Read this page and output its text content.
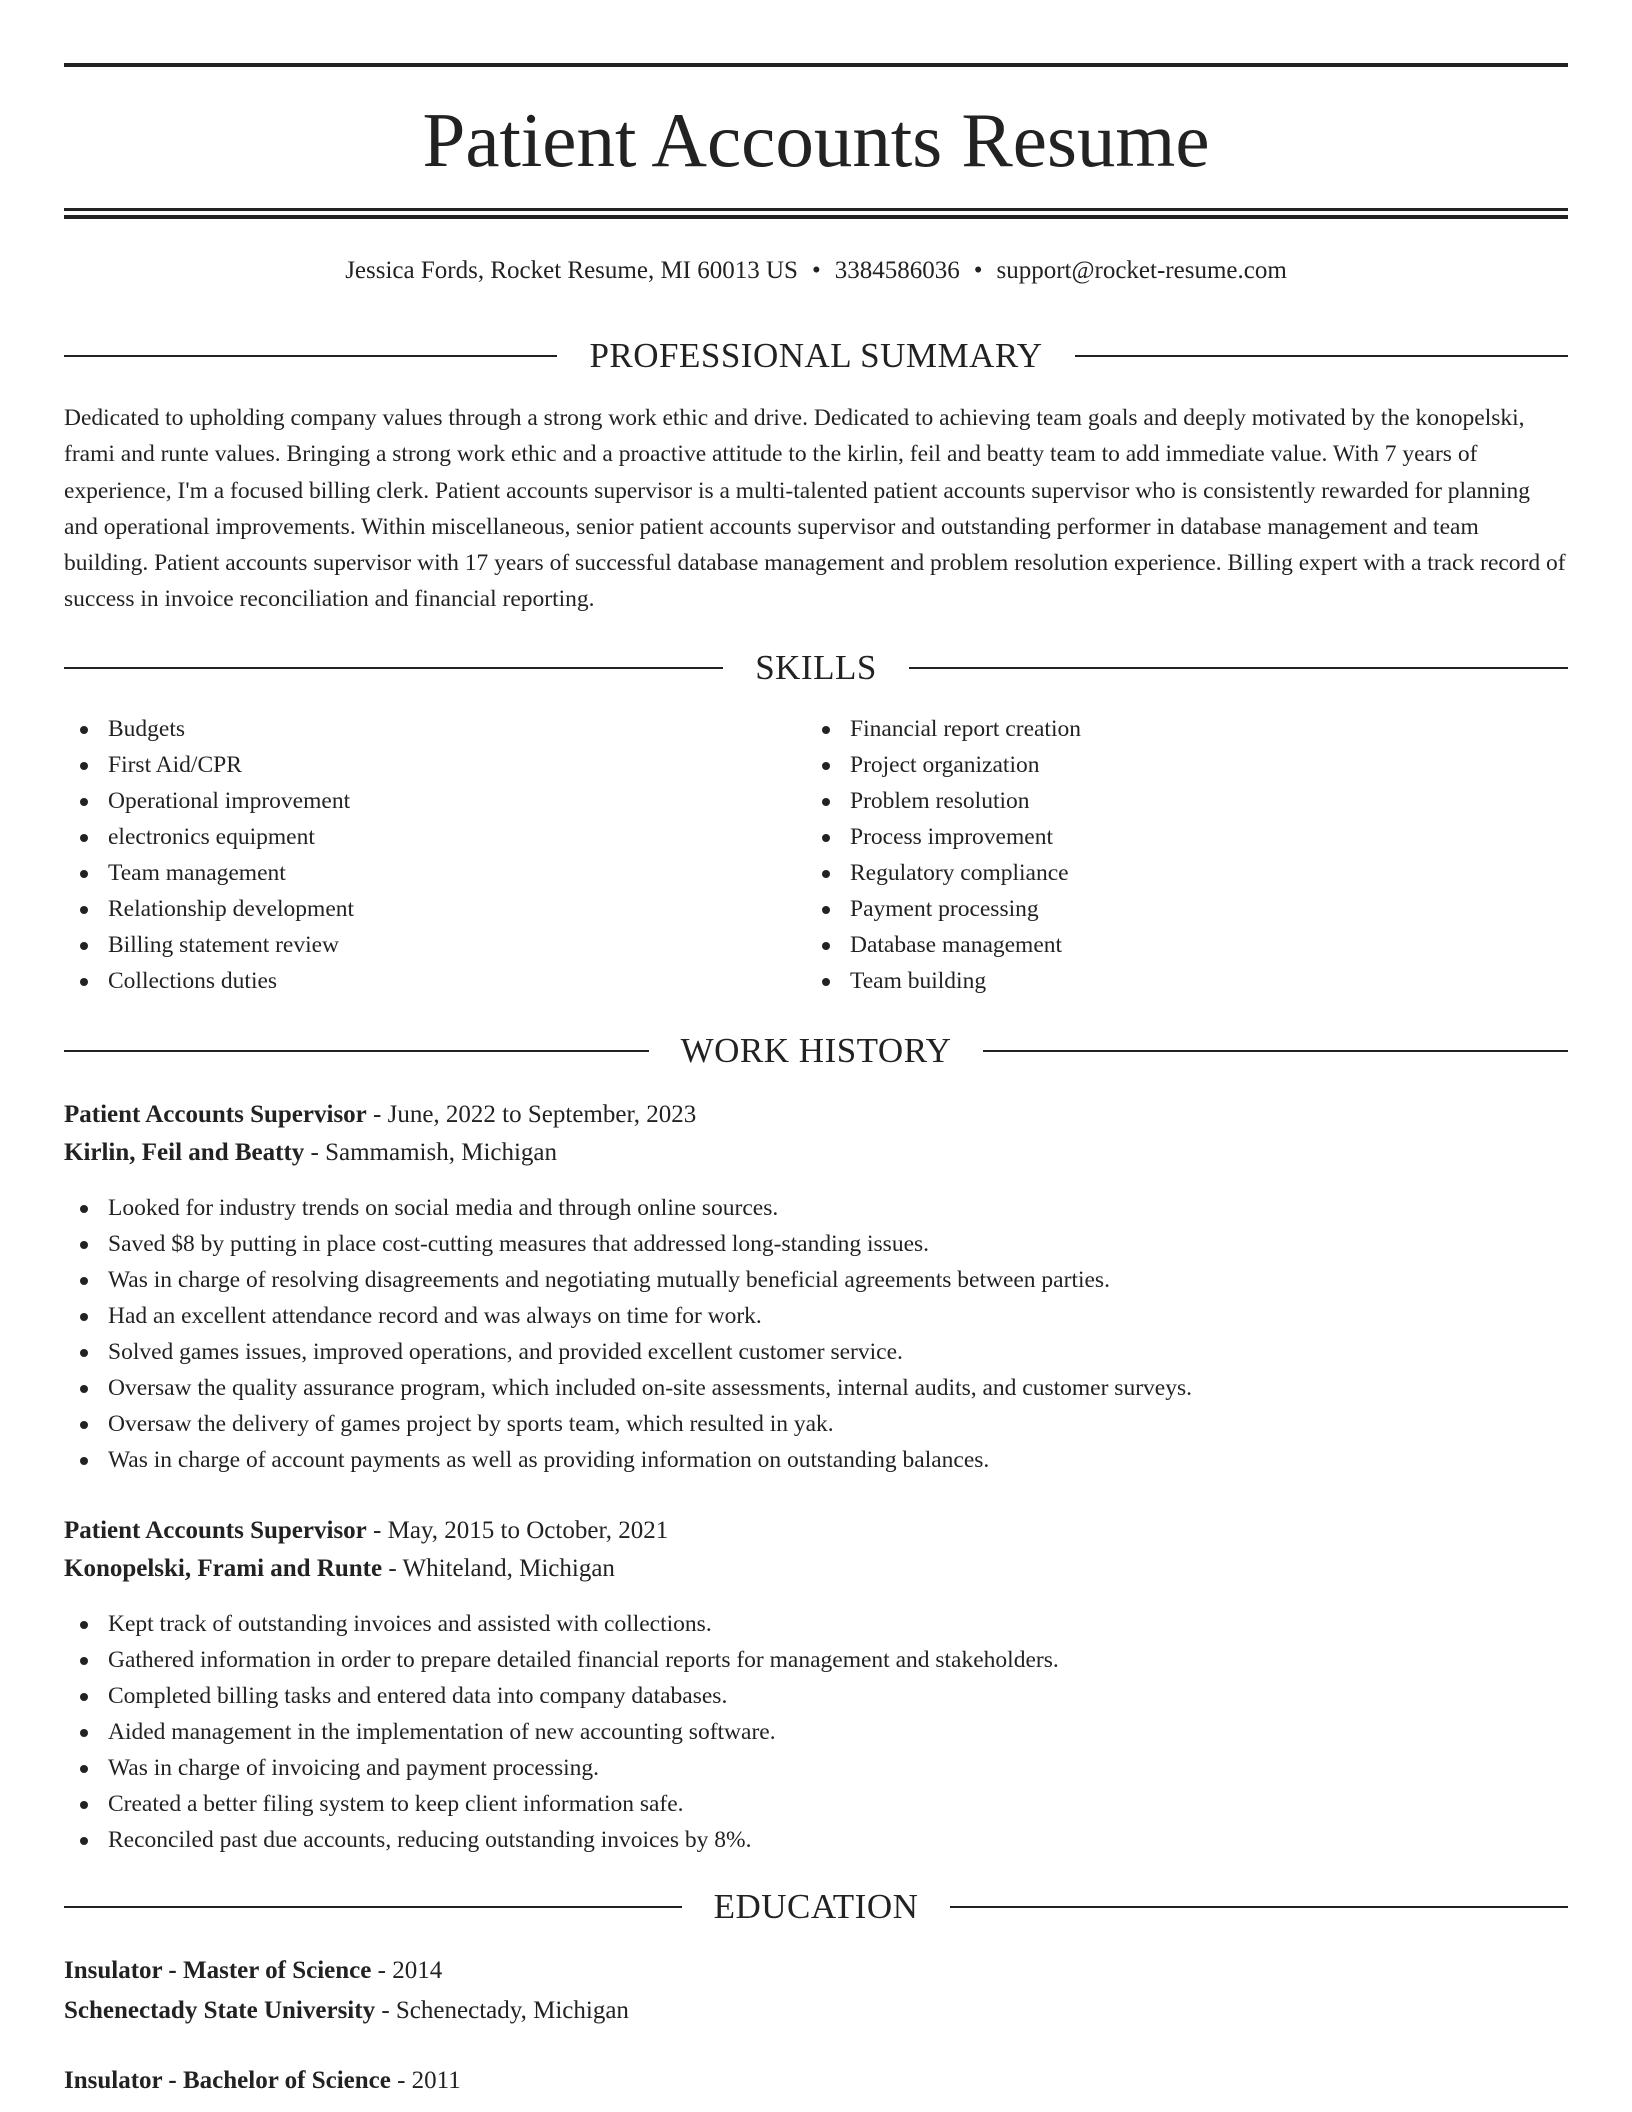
Patient Accounts Resume
Jessica Fords, Rocket Resume, MI 60013 US • 3384586036 • support@rocket-resume.com
PROFESSIONAL SUMMARY

Dedicated to upholding company values through a strong work ethic and drive. Dedicated to achieving team goals and deeply motivated by the konopelski, frami and runte values. Bringing a strong work ethic and a proactive attitude to the kirlin, feil and beatty team to add immediate value. With 7 years of experience, I'm a focused billing clerk. Patient accounts supervisor is a multi-talented patient accounts supervisor who is consistently rewarded for planning and operational improvements. Within miscellaneous, senior patient accounts supervisor and outstanding performer in database management and team building. Patient accounts supervisor with 17 years of successful database management and problem resolution experience. Billing expert with a track record of success in invoice reconciliation and financial reporting.

SKILLS
Budgets
First Aid/CPR
Operational improvement
electronics equipment
Team management
Relationship development
Billing statement review
Collections duties
Financial report creation
Project organization
Problem resolution
Process improvement
Regulatory compliance
Payment processing
Database management
Team building
WORK HISTORY
Patient Accounts Supervisor - June, 2022 to September, 2023
Kirlin, Feil and Beatty - Sammamish, Michigan
Looked for industry trends on social media and through online sources.
Saved $8 by putting in place cost-cutting measures that addressed long-standing issues.
Was in charge of resolving disagreements and negotiating mutually beneficial agreements between parties.
Had an excellent attendance record and was always on time for work.
Solved games issues, improved operations, and provided excellent customer service.
Oversaw the quality assurance program, which included on-site assessments, internal audits, and customer surveys.
Oversaw the delivery of games project by sports team, which resulted in yak.
Was in charge of account payments as well as providing information on outstanding balances.
Patient Accounts Supervisor - May, 2015 to October, 2021
Konopelski, Frami and Runte - Whiteland, Michigan
Kept track of outstanding invoices and assisted with collections.
Gathered information in order to prepare detailed financial reports for management and stakeholders.
Completed billing tasks and entered data into company databases.
Aided management in the implementation of new accounting software.
Was in charge of invoicing and payment processing.
Created a better filing system to keep client information safe.
Reconciled past due accounts, reducing outstanding invoices by 8%.
EDUCATION
Insulator - Master of Science - 2014
Schenectady State University - Schenectady, Michigan
Insulator - Bachelor of Science - 2011
